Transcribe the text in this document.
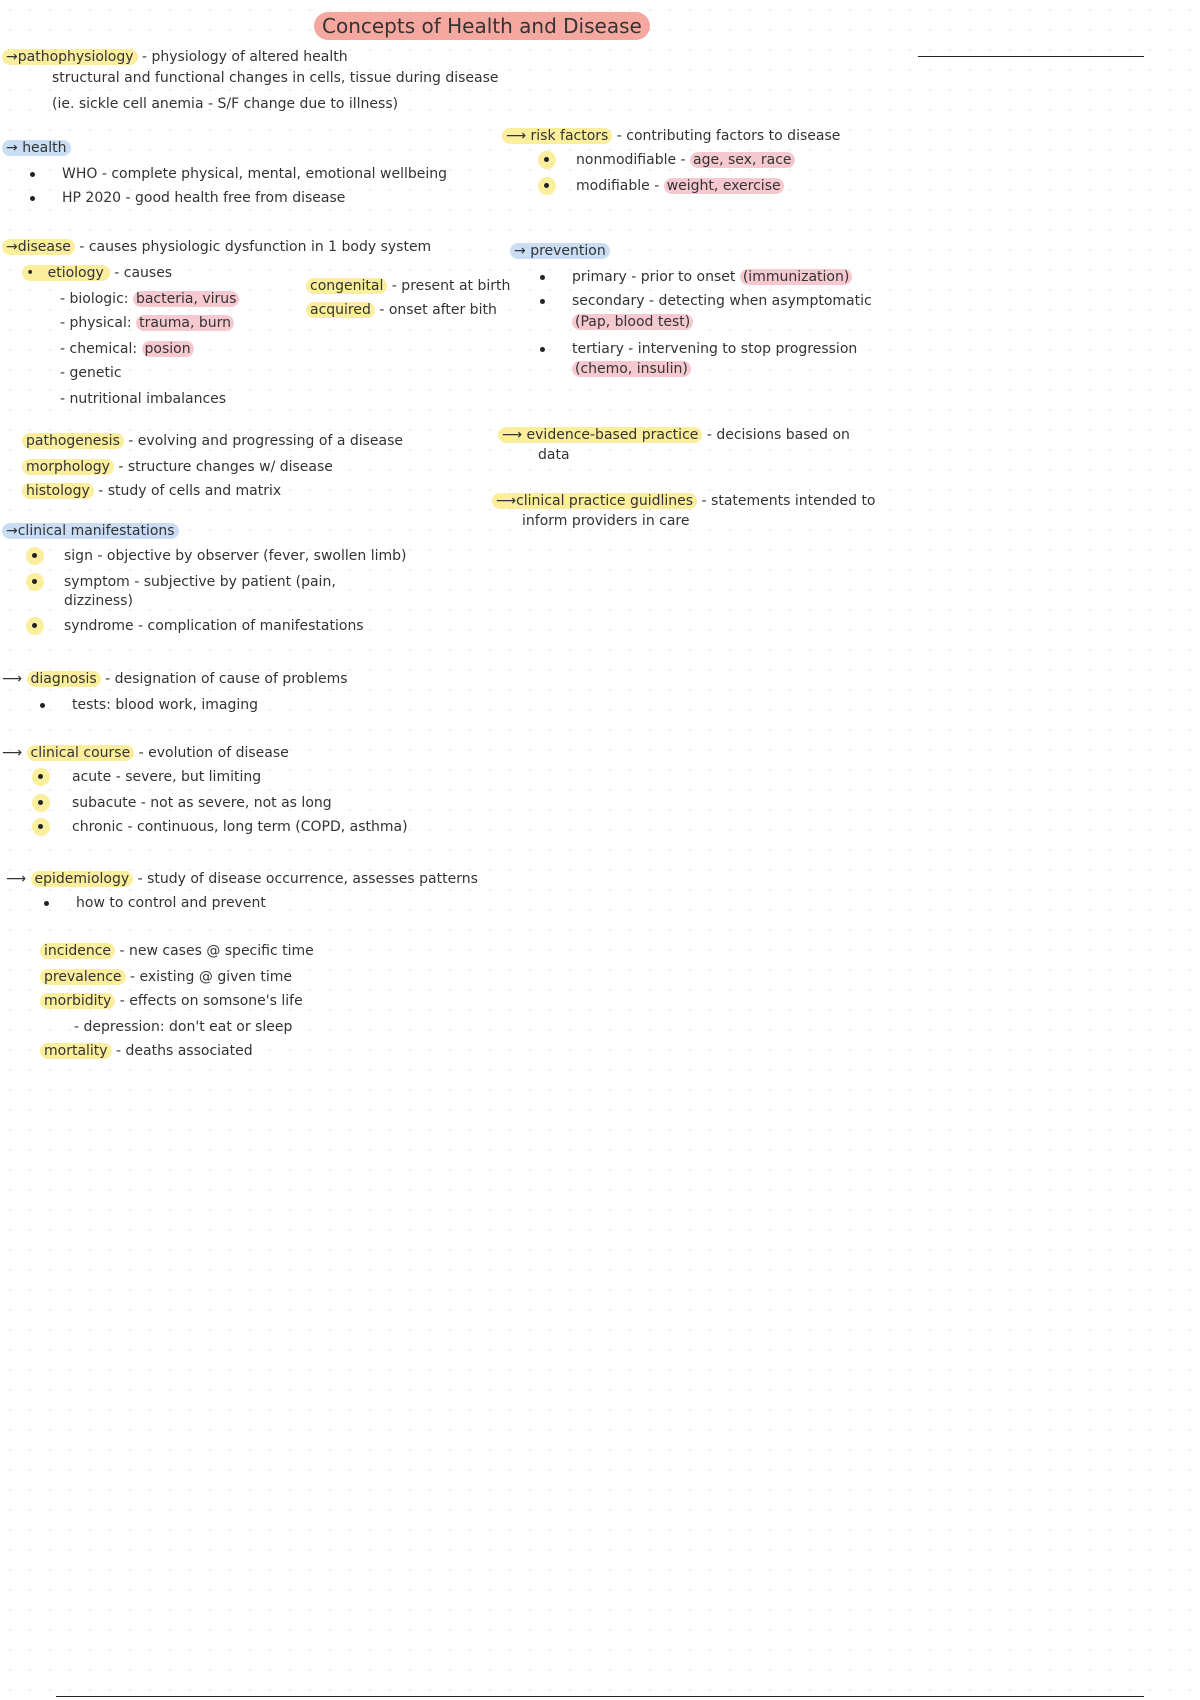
Concepts of Health and Disease
→pathophysiology - physiology of altered health
structural and functional changes in cells, tissue during disease
(ie. sickle cell anemia - S/F change due to illness)
→ health
WHO - complete physical, mental, emotional wellbeing
HP 2020 - good health free from disease
→disease - causes physiologic dysfunction in 1 body system
•   etiology - causes
- biologic: bacteria, virus
- physical: trauma, burn
- chemical: posion
- genetic
- nutritional imbalances
congenital - present at birth
acquired - onset after bith
pathogenesis - evolving and progressing of a disease
morphology - structure changes w/ disease
histology - study of cells and matrix
→clinical manifestations
sign - objective by observer (fever, swollen limb)
symptom - subjective by patient (pain,
dizziness)
syndrome - complication of manifestations
⟶ diagnosis - designation of cause of problems
tests: blood work, imaging
⟶ clinical course - evolution of disease
acute - severe, but limiting
subacute - not as severe, not as long
chronic - continuous, long term (COPD, asthma)
⟶ epidemiology - study of disease occurrence, assesses patterns
how to control and prevent
incidence - new cases @ specific time
prevalence - existing @ given time
morbidity - effects on somsone's life
- depression: don't eat or sleep
mortality - deaths associated
⟶ risk factors - contributing factors to disease
nonmodifiable - age, sex, race
modifiable - weight, exercise
→ prevention
primary - prior to onset (immunization)
secondary - detecting when asymptomatic
(Pap, blood test)
tertiary - intervening to stop progression
(chemo, insulin)
⟶ evidence-based practice - decisions based on
data
⟶clinical practice guidlines - statements intended to
inform providers in care
